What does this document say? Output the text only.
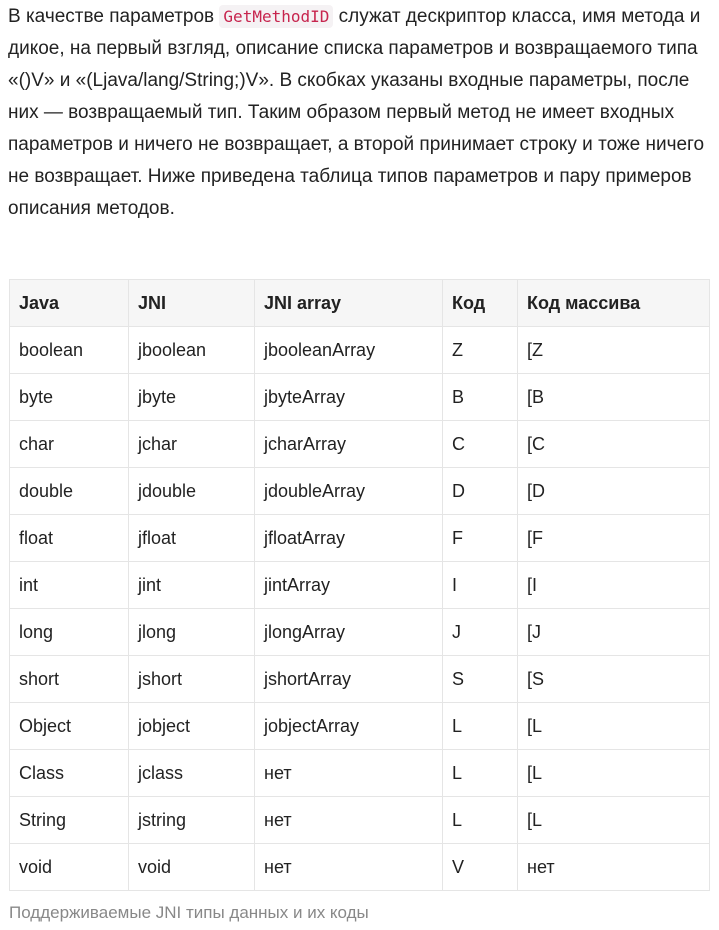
В качестве параметров GetMethodID служат дескриптор класса, имя метода и дикое, на первый взгляд, описание списка параметров и возвращаемого типа «()V» и «(Ljava/lang/String;)V». В скобках указаны входные параметры, после них — возвращаемый тип. Таким образом первый метод не имеет входных параметров и ничего не возвращает, а второй принимает строку и тоже ничего не возвращает. Ниже приведена таблица типов параметров и пару примеров описания методов.
Java	JNI	JNI array	Код	Код массива
boolean	jboolean	jbooleanArray	Z	[Z
byte	jbyte	jbyteArray	B	[B
char	jchar	jcharArray	C	[C
double	jdouble	jdoubleArray	D	[D
float	jfloat	jfloatArray	F	[F
int	jint	jintArray	I	[I
long	jlong	jlongArray	J	[J
short	jshort	jshortArray	S	[S
Object	jobject	jobjectArray	L	[L
Class	jclass	нет	L	[L
String	jstring	нет	L	[L
void	void	нет	V	нет
Поддерживаемые JNI типы данных и их коды
